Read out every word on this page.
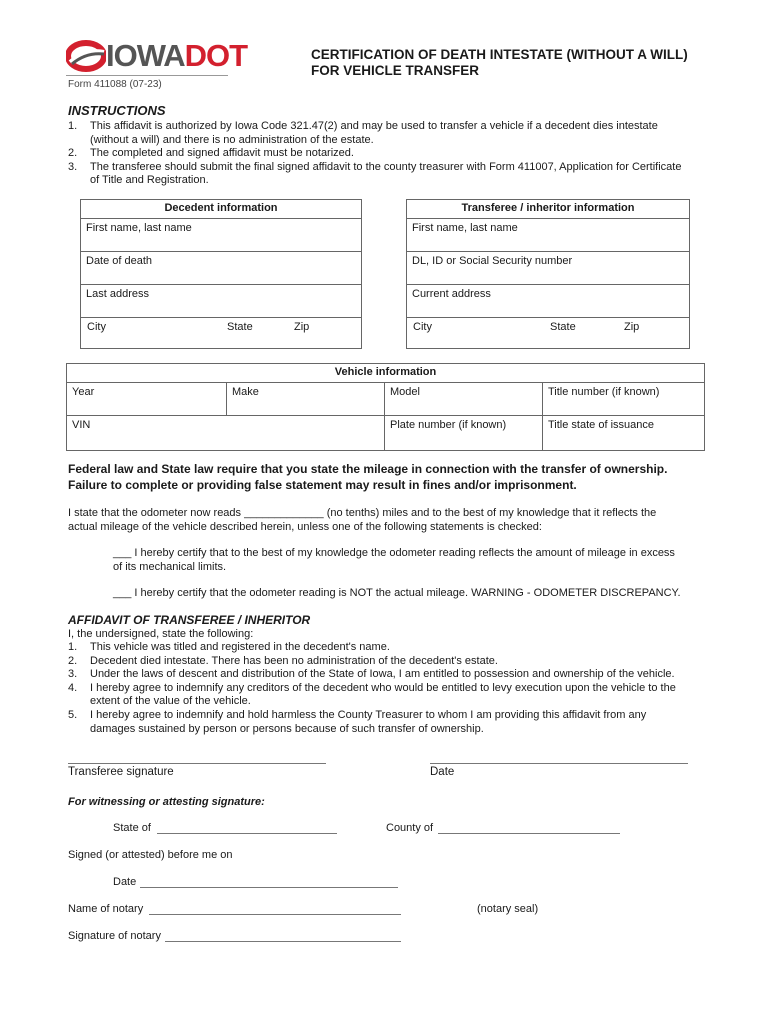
IOWADOT
Form 411088 (07-23)
CERTIFICATION OF DEATH INTESTATE (WITHOUT A WILL)
FOR VEHICLE TRANSFER
INSTRUCTIONS
1. This affidavit is authorized by Iowa Code 321.47(2) and may be used to transfer a vehicle if a decedent dies intestate
(without a will) and there is no administration of the estate.
2. The completed and signed affidavit must be notarized.
3. The transferee should submit the final signed affidavit to the county treasurer with Form 411007, Application for Certificate
of Title and Registration.
Decedent information
First name, last name
Date of death
Last address

City	State	Zip
Transferee / inheritor information
First name, last name
DL, ID or Social Security number
Current address

City	State	Zip
Vehicle information			
Year	Make	Model	Title number (if known)
VIN		Plate number (if known)	Title state of issuance
Federal law and State law require that you state the mileage in connection with the transfer of ownership.
Failure to complete or providing false statement may result in fines and/or imprisonment.
I state that the odometer now reads _____________ (no tenths) miles and to the best of my knowledge that it reflects the
actual mileage of the vehicle described herein, unless one of the following statements is checked:
___ I hereby certify that to the best of my knowledge the odometer reading reflects the amount of mileage in excess
of its mechanical limits.
___ I hereby certify that the odometer reading is NOT the actual mileage. WARNING - ODOMETER DISCREPANCY.
AFFIDAVIT OF TRANSFEREE / INHERITOR
I, the undersigned, state the following:
1. This vehicle was titled and registered in the decedent's name.
2. Decedent died intestate. There has been no administration of the decedent's estate.
3. Under the laws of descent and distribution of the State of Iowa, I am entitled to possession and ownership of the vehicle.
4. I hereby agree to indemnify any creditors of the decedent who would be entitled to levy execution upon the vehicle to the
extent of the value of the vehicle.
5. I hereby agree to indemnify and hold harmless the County Treasurer to whom I am providing this affidavit from any
damages sustained by person or persons because of such transfer of ownership.
Transferee signature	Date
For witnessing or attesting signature:
State of	County of
Signed (or attested) before me on
Date
Name of notary	(notary seal)
Signature of notary
